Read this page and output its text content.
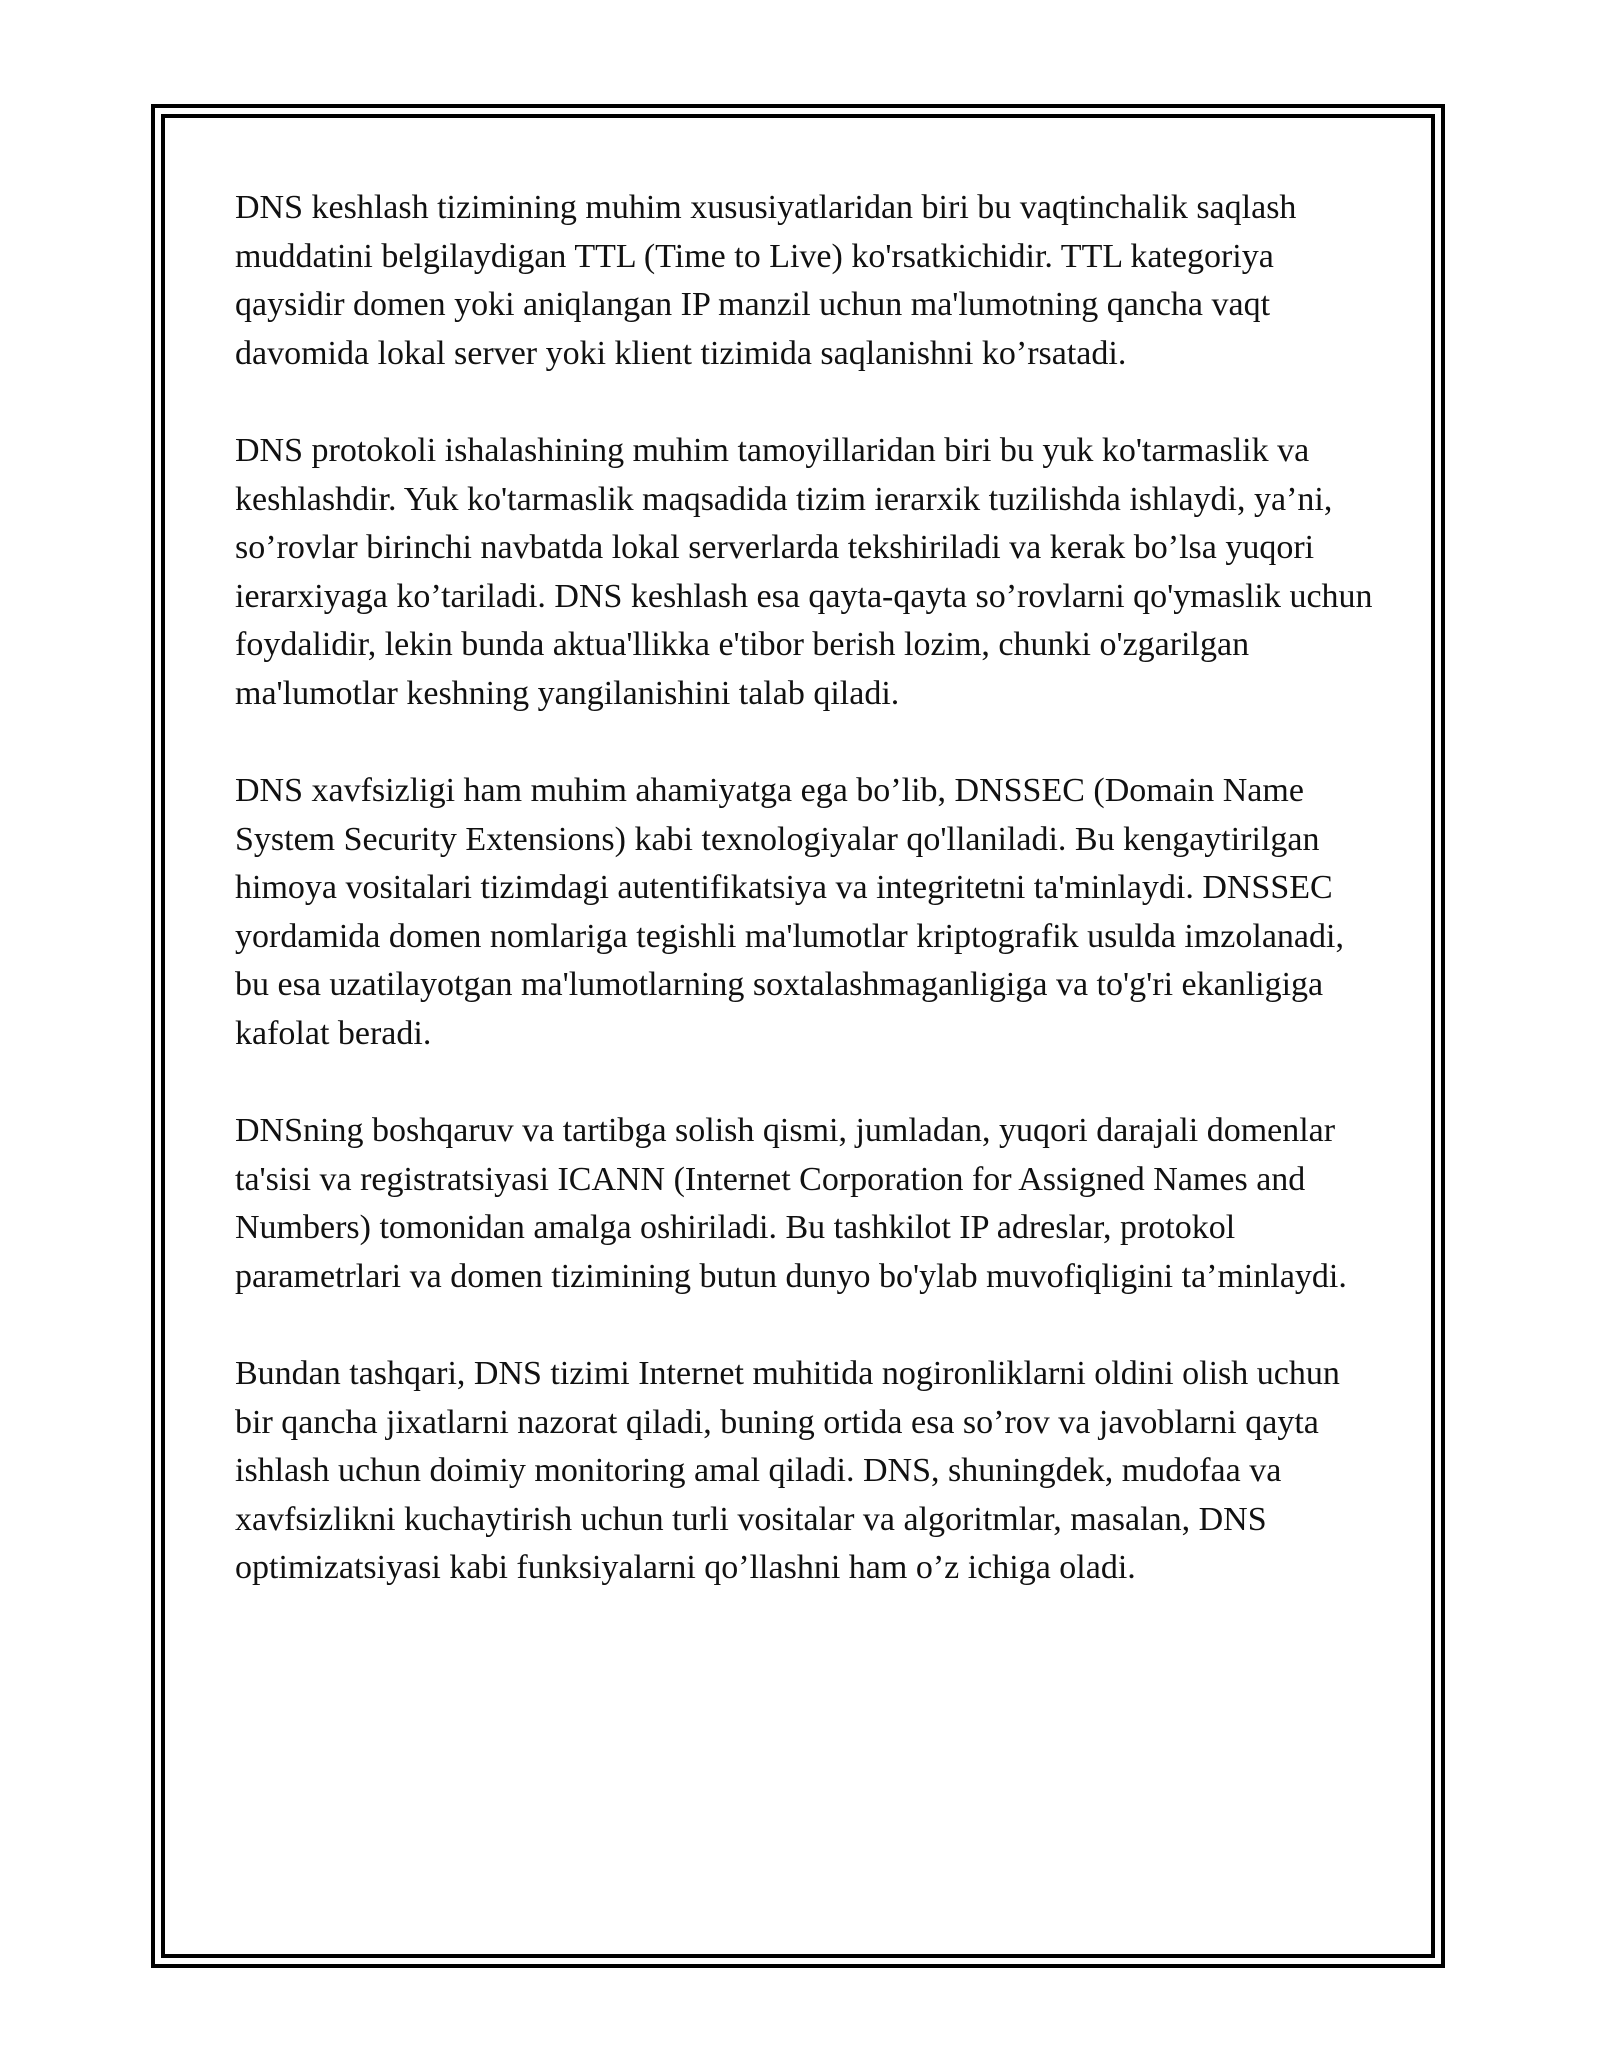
DNS keshlash tizimining muhim xususiyatlaridan biri bu vaqtinchalik saqlash muddatini belgilaydigan TTL (Time to Live) ko'rsatkichidir. TTL kategoriya qaysidir domen yoki aniqlangan IP manzil uchun ma'lumotning qancha vaqt davomida lokal server yoki klient tizimida saqlanishni ko’rsatadi.

DNS protokoli ishalashining muhim tamoyillaridan biri bu yuk ko'tarmaslik va keshlashdir. Yuk ko'tarmaslik maqsadida tizim ierarxik tuzilishda ishlaydi, ya’ni, so’rovlar birinchi navbatda lokal serverlarda tekshiriladi va kerak bo’lsa yuqori ierarxiyaga ko’tariladi. DNS keshlash esa qayta-qayta so’rovlarni qo'ymaslik uchun foydalidir, lekin bunda aktua'llikka e'tibor berish lozim, chunki o'zgarilgan ma'lumotlar keshning yangilanishini talab qiladi.

DNS xavfsizligi ham muhim ahamiyatga ega bo’lib, DNSSEC (Domain Name System Security Extensions) kabi texnologiyalar qo'llaniladi. Bu kengaytirilgan himoya vositalari tizimdagi autentifikatsiya va integritetni ta'minlaydi. DNSSEC yordamida domen nomlariga tegishli ma'lumotlar kriptografik usulda imzolanadi, bu esa uzatilayotgan ma'lumotlarning soxtalashmaganligiga va to'g'ri ekanligiga kafolat beradi.

DNSning boshqaruv va tartibga solish qismi, jumladan, yuqori darajali domenlar ta'sisi va registratsiyasi ICANN (Internet Corporation for Assigned Names and Numbers) tomonidan amalga oshiriladi. Bu tashkilot IP adreslar, protokol parametrlari va domen tizimining butun dunyo bo'ylab muvofiqligini ta’minlaydi.

Bundan tashqari, DNS tizimi Internet muhitida nogironliklarni oldini olish uchun bir qancha jixatlarni nazorat qiladi, buning ortida esa so’rov va javoblarni qayta ishlash uchun doimiy monitoring amal qiladi. DNS, shuningdek, mudofaa va xavfsizlikni kuchaytirish uchun turli vositalar va algoritmlar, masalan, DNS optimizatsiyasi kabi funksiyalarni qo’llashni ham o’z ichiga oladi.
